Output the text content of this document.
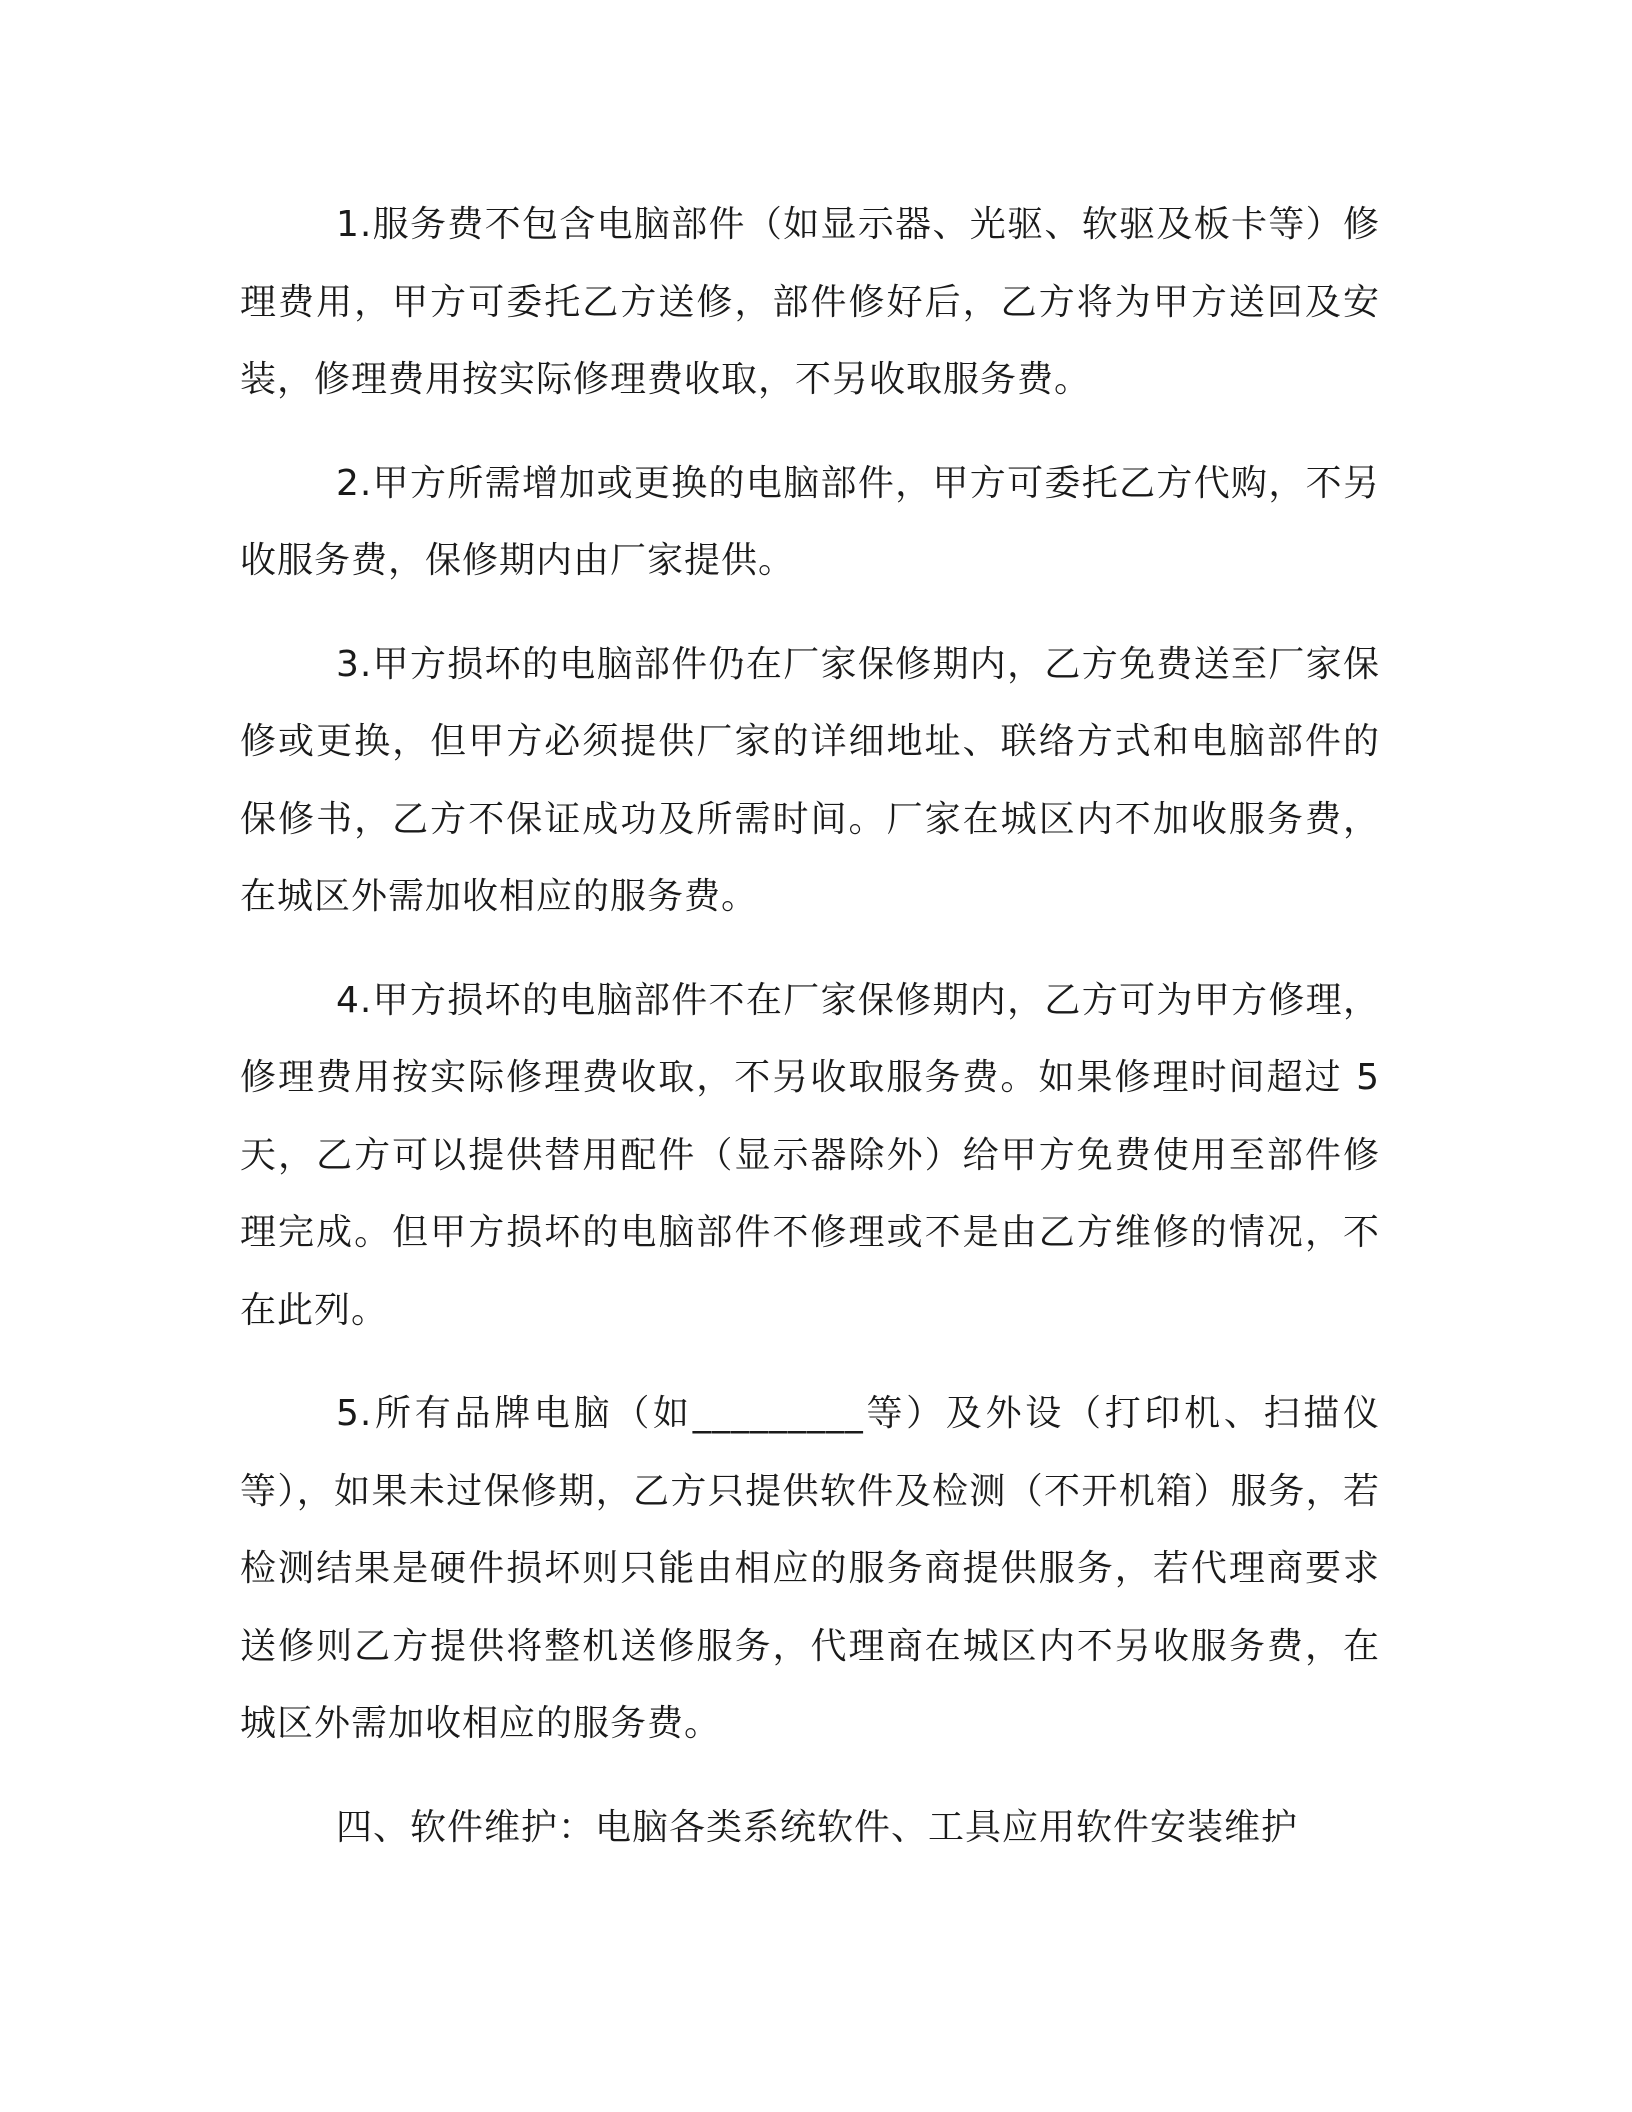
1.服务费不包含电脑部件（如显示器、光驱、软驱及板卡等）修理费用，甲方可委托乙方送修，部件修好后，乙方将为甲方送回及安装，修理费用按实际修理费收取，不另收取服务费。

2.甲方所需增加或更换的电脑部件，甲方可委托乙方代购，不另收服务费，保修期内由厂家提供。

3.甲方损坏的电脑部件仍在厂家保修期内，乙方免费送至厂家保修或更换，但甲方必须提供厂家的详细地址、联络方式和电脑部件的保修书，乙方不保证成功及所需时间。厂家在城区内不加收服务费，在城区外需加收相应的服务费。

4.甲方损坏的电脑部件不在厂家保修期内，乙方可为甲方修理，修理费用按实际修理费收取，不另收取服务费。如果修理时间超过 5 天，乙方可以提供替用配件（显示器除外）给甲方免费使用至部件修理完成。但甲方损坏的电脑部件不修理或不是由乙方维修的情况，不在此列。

5.所有品牌电脑（如_________等）及外设（打印机、扫描仪等），如果未过保修期，乙方只提供软件及检测（不开机箱）服务，若检测结果是硬件损坏则只能由相应的服务商提供服务，若代理商要求送修则乙方提供将整机送修服务，代理商在城区内不另收服务费，在城区外需加收相应的服务费。

四、软件维护：电脑各类系统软件、工具应用软件安装维护
